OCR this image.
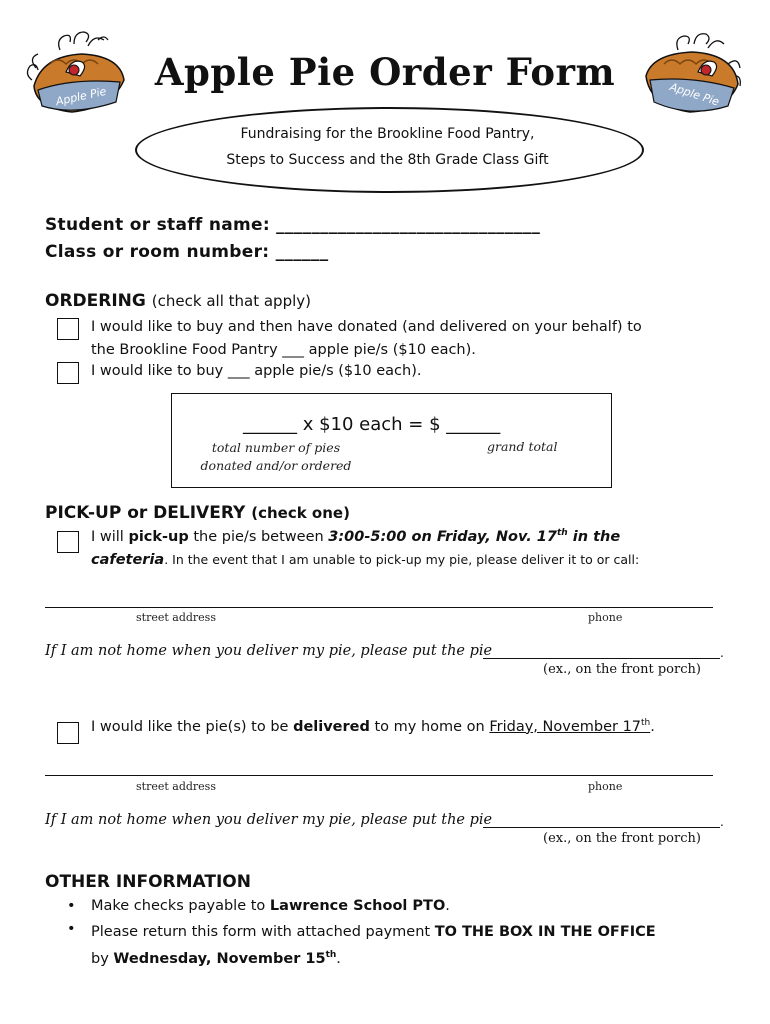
Apple Pie	Apple Pie
Apple Pie Order Form
Fundraising for the Brookline Food Pantry,
Steps to Success and the 8th Grade Class Gift
Student or staff name: ______________________________
Class or room number: ______
ORDERING (check all that apply)
I would like to buy and then have donated (and delivered on your behalf) to
the Brookline Food Pantry ___ apple pie/s ($10 each).
I would like to buy ___ apple pie/s ($10 each).
______ x $10 each = $ ______
total number of pies
donated and/or ordered
grand total
PICK-UP or DELIVERY (check one)
I will pick-up the pie/s between 3:00-5:00 on Friday, Nov. 17th in the
cafeteria. In the event that I am unable to pick-up my pie, please deliver it to or call:
street address	phone
If I am not home when you deliver my pie, please put the pie	.
(ex., on the front porch)
I would like the pie(s) to be delivered to my home on Friday, November 17th.
street address	phone
If I am not home when you deliver my pie, please put the pie	.
(ex., on the front porch)
OTHER INFORMATION
• Make checks payable to Lawrence School PTO.
• Please return this form with attached payment TO THE BOX IN THE OFFICE
by Wednesday, November 15th.
